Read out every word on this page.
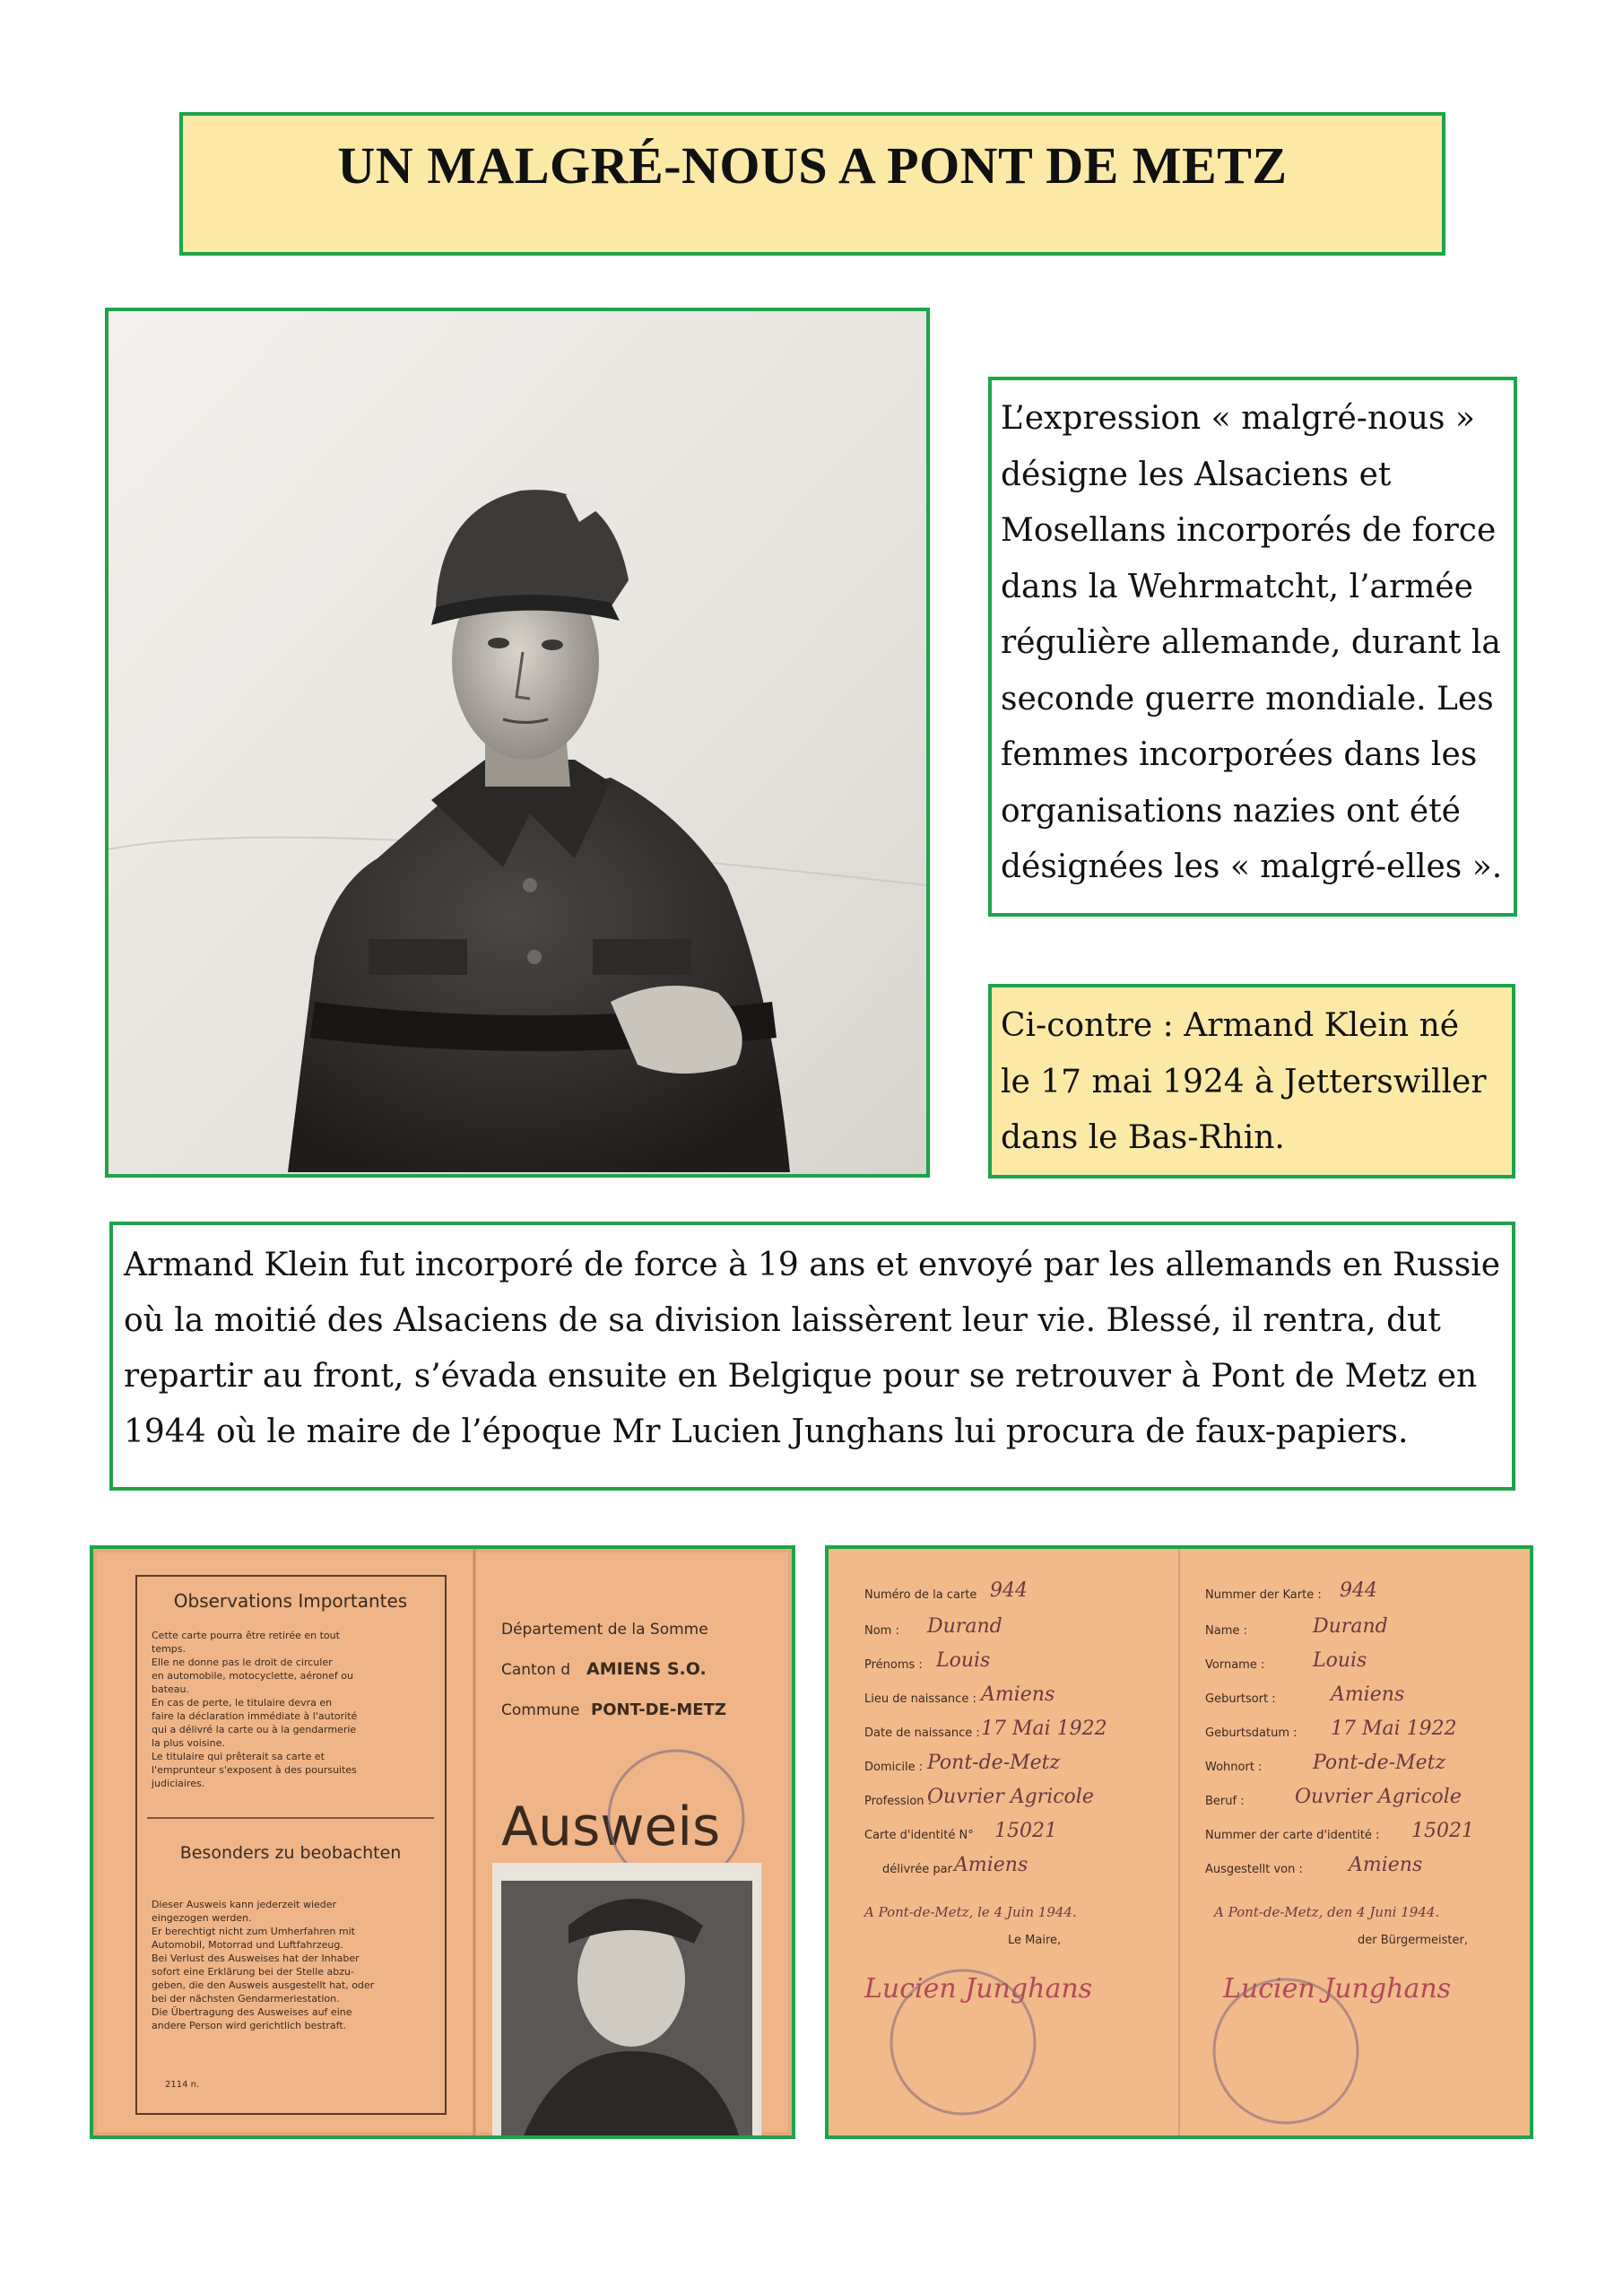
UN MALGRÉ-NOUS A PONT DE METZ
L’expression « malgré-nous »
désigne les Alsaciens et
Mosellans incorporés de force
dans la Wehrmatcht, l’armée
régulière allemande, durant la
seconde guerre mondiale. Les
femmes incorporées dans les
organisations nazies ont été
désignées les « malgré-elles ».
Ci-contre : Armand Klein né
le 17 mai 1924 à Jetterswiller
dans le Bas-Rhin.
Armand Klein fut incorporé de force à 19 ans et envoyé par les allemands en Russie
où la moitié des Alsaciens de sa division laissèrent leur vie. Blessé, il rentra, dut
repartir au front, s’évada ensuite en Belgique pour se retrouver à Pont de Metz en
1944 où le maire de l’époque Mr Lucien Junghans lui procura de faux-papiers.
Observations Importantes
Cette carte pourra être retirée en tout
temps.
Elle ne donne pas le droit de circuler
en automobile, motocyclette, aéronef ou
bateau.
En cas de perte, le titulaire devra en
faire la déclaration immédiate à l'autorité
qui a délivré la carte ou à la gendarmerie
la plus voisine.
Le titulaire qui prêterait sa carte et
l'emprunteur s'exposent à des poursuites
judiciaires.
Besonders zu beobachten
Dieser Ausweis kann jederzeit wieder
eingezogen werden.
Er berechtigt nicht zum Umherfahren mit
Automobil, Motorrad und Luftfahrzeug.
Bei Verlust des Ausweises hat der Inhaber
sofort eine Erklärung bei der Stelle abzu-
geben, die den Ausweis ausgestellt hat, oder
bei der nächsten Gendarmeriestation.
Die Übertragung des Ausweises auf eine
andere Person wird gerichtlich bestraft.
2114 n.
Département de la Somme
Canton d AMIENS S.O.
Commune PONT-DE-METZ
Ausweis
Numéro de la carte
Nom :
Prénoms :
Lieu de naissance :
Date de naissance :
Domicile :
Profession :
Carte d'identité N°
délivrée par
Le Maire,
944
Durand
Louis
Amiens
17 Mai 1922
Pont-de-Metz
Ouvrier Agricole
15021
Amiens
A Pont-de-Metz, le 4 Juin 1944.
Lucien Junghans
Nummer der Karte :
Name :
Vorname :
Geburtsort :
Geburtsdatum :
Wohnort :
Beruf :
Nummer der carte d'identité :
Ausgestellt von :
der Bürgermeister,
944
Durand
Louis
Amiens
17 Mai 1922
Pont-de-Metz
Ouvrier Agricole
15021
Amiens
A Pont-de-Metz, den 4 Juni 1944.
Lucien Junghans
